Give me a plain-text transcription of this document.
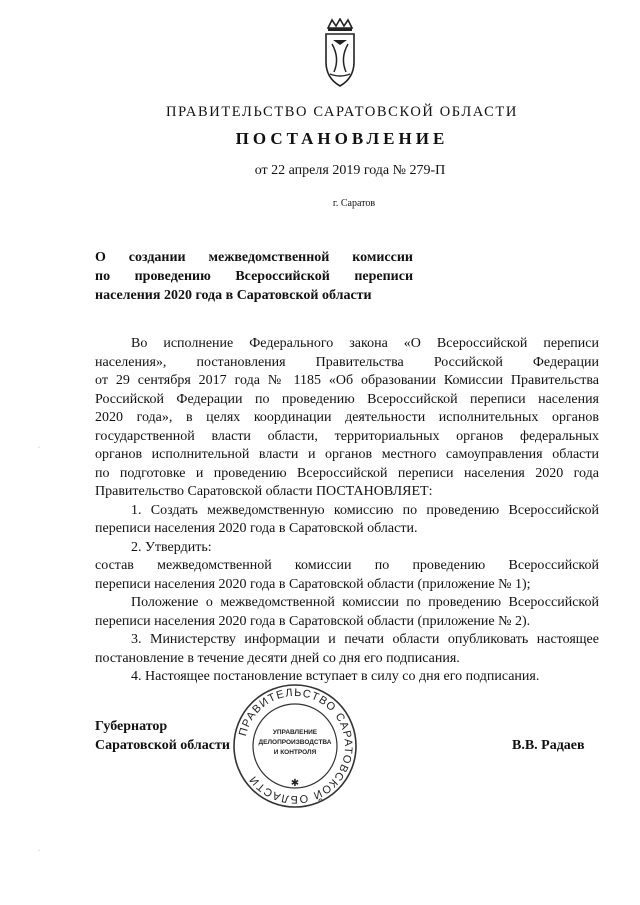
ПРАВИТЕЛЬСТВО САРАТОВСКОЙ ОБЛАСТИ
ПОСТАНОВЛЕНИЕ
от 22 апреля 2019 года № 279-П
г. Саратов
О создании межведомственной комиссии
по проведению Всероссийской переписи
населения 2020 года в Саратовской области
Во исполнение Федерального закона «О Всероссийской переписи
населения», постановления Правительства Российской Федерации
от 29 сентября 2017 года № 1185 «Об образовании Комиссии Правительства
Российской Федерации по проведению Всероссийской переписи населения
2020 года», в целях координации деятельности исполнительных органов
государственной власти области, территориальных органов федеральных
органов исполнительной власти и органов местного самоуправления области
по подготовке и проведению Всероссийской переписи населения 2020 года
Правительство Саратовской области ПОСТАНОВЛЯЕТ:
1. Создать межведомственную комиссию по проведению Всероссийской
переписи населения 2020 года в Саратовской области.
2. Утвердить:
состав межведомственной комиссии по проведению Всероссийской
переписи населения 2020 года в Саратовской области (приложение № 1);
Положение о межведомственной комиссии по проведению Всероссийской
переписи населения 2020 года в Саратовской области (приложение № 2).
3. Министерству информации и печати области опубликовать настоящее
постановление в течение десяти дней со дня его подписания.
4. Настоящее постановление вступает в силу со дня его подписания.
ПРАВИТЕЛЬСТВО САРАТОВСКОЙ ОБЛАСТИ
УПРАВЛЕНИЕ
ДЕЛОПРОИЗВОДСТВА
И КОНТРОЛЯ
✱
Губернатор
Саратовской области	В.В. Радаев
·
·
